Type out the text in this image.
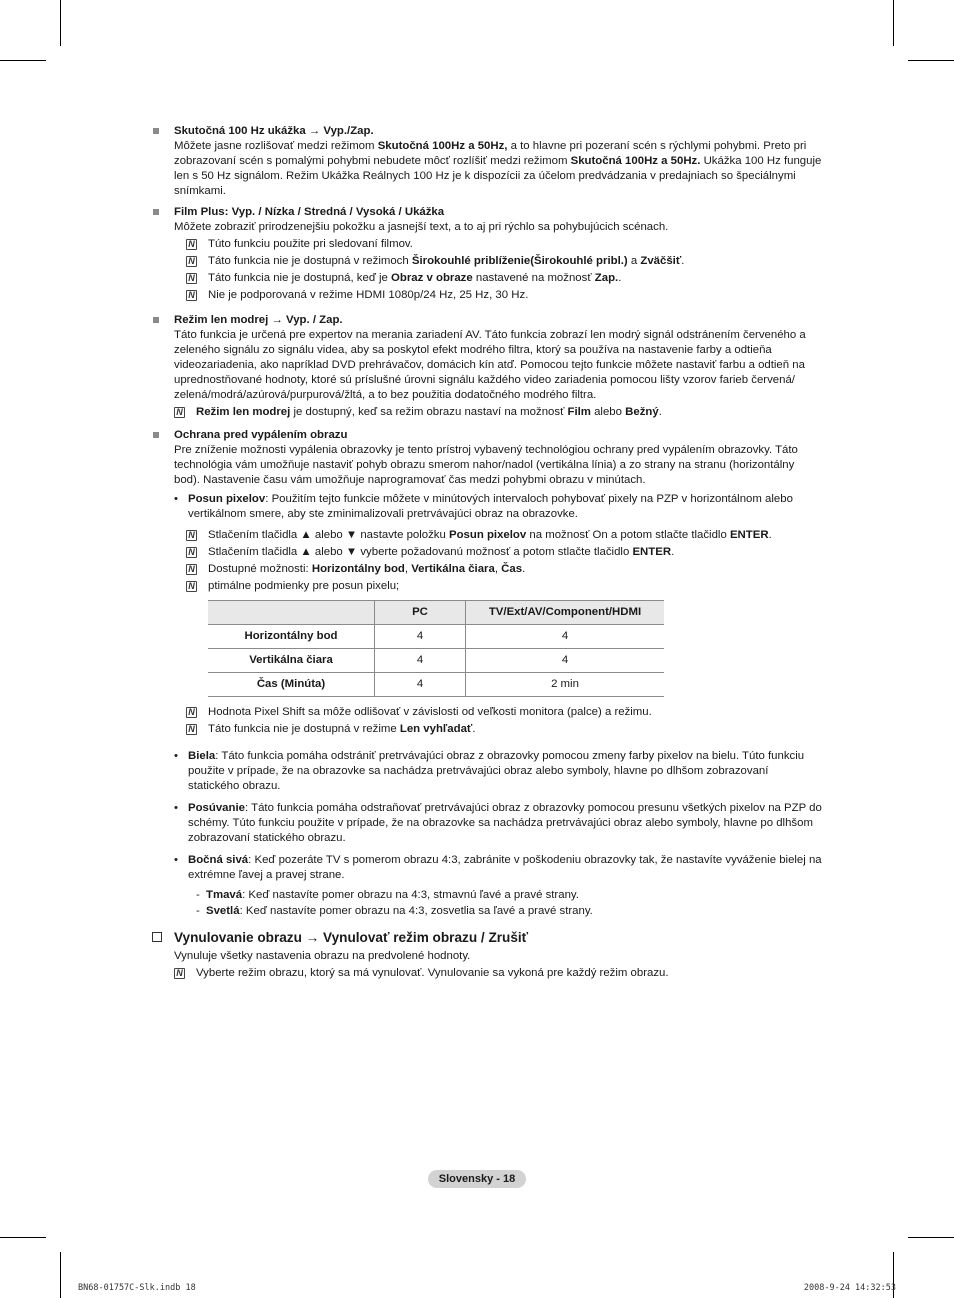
Skutočná 100 Hz ukážka → Vyp./Zap.

Môžete jasne rozlišovať medzi režimom Skutočná 100Hz a 50Hz, a to hlavne pri pozeraní scén s rýchlymi pohybmi. Preto pri zobrazovaní scén s pomalými pohybmi nebudete môcť rozlíšiť medzi režimom Skutočná 100Hz a 50Hz. Ukážka 100 Hz funguje len s 50 Hz signálom. Režim Ukážka Reálnych 100 Hz je k dispozícii za účelom predvádzania v predajniach so špeciálnymi snímkami.

Film Plus: Vyp. / Nízka / Stredná / Vysoká / Ukážka

Môžete zobraziť prirodzenejšiu pokožku a jasnejší text, a to aj pri rýchlo sa pohybujúcich scénach.

N Túto funkciu použite pri sledovaní filmov.
N Táto funkcia nie je dostupná v režimoch Širokouhlé priblíženie(Širokouhlé pribl.) a Zväčšiť.
N Táto funkcia nie je dostupná, keď je Obraz v obraze nastavené na možnosť Zap..
N Nie je podporovaná v režime HDMI 1080p/24 Hz, 25 Hz, 30 Hz.
Režim len modrej → Vyp. / Zap.

Táto funkcia je určená pre expertov na merania zariadení AV. Táto funkcia zobrazí len modrý signál odstránením červeného a zeleného signálu zo signálu videa, aby sa poskytol efekt modrého filtra, ktorý sa používa na nastavenie farby a odtieňa videozariadenia, ako napríklad DVD prehrávačov, domácich kín atď. Pomocou tejto funkcie môžete nastaviť farbu a odtieň na uprednostňované hodnoty, ktoré sú príslušné úrovni signálu každého video zariadenia pomocou lišty vzorov farieb červená/ zelená/modrá/azúrová/purpurová/žltá, a to bez použitia dodatočného modrého filtra.

N Režim len modrej je dostupný, keď sa režim obrazu nastaví na možnosť Film alebo Bežný.
Ochrana pred vypálením obrazu

Pre zníženie možnosti vypálenia obrazovky je tento prístroj vybavený technológiou ochrany pred vypálením obrazovky. Táto technológia vám umožňuje nastaviť pohyb obrazu smerom nahor/nadol (vertikálna línia) a zo strany na stranu (horizontálny bod). Nastavenie času vám umožňuje naprogramovať čas medzi pohybmi obrazu v minútach.

• Posun pixelov: Použitím tejto funkcie môžete v minútových intervaloch pohybovať pixely na PZP v horizontálnom alebo vertikálnom smere, aby ste zminimalizovali pretrvávajúci obraz na obrazovke.
N Stlačením tlačidla ▲ alebo ▼ nastavte položku Posun pixelov na možnosť On a potom stlačte tlačidlo ENTER.
N Stlačením tlačidla ▲ alebo ▼ vyberte požadovanú možnosť a potom stlačte tlačidlo ENTER.
N Dostupné možnosti: Horizontálny bod, Vertikálna čiara, Čas.
N ptimálne podmienky pre posun pixelu;
	PC	TV/Ext/AV/Component/HDMI
Horizontálny bod	4	4
Vertikálna čiara	4	4
Čas (Minúta)	4	2 min
N Hodnota Pixel Shift sa môže odlišovať v závislosti od veľkosti monitora (palce) a režimu.
N Táto funkcia nie je dostupná v režime Len vyhľadať.
• Biela: Táto funkcia pomáha odstrániť pretrvávajúci obraz z obrazovky pomocou zmeny farby pixelov na bielu. Túto funkciu použite v prípade, že na obrazovke sa nachádza pretrvávajúci obraz alebo symboly, hlavne po dlhšom zobrazovaní statického obrazu.
• Posúvanie: Táto funkcia pomáha odstraňovať pretrvávajúci obraz z obrazovky pomocou presunu všetkých pixelov na PZP do schémy. Túto funkciu použite v prípade, že na obrazovke sa nachádza pretrvávajúci obraz alebo symboly, hlavne po dlhšom zobrazovaní statického obrazu.
• Bočná sivá: Keď pozeráte TV s pomerom obrazu 4:3, zabránite v poškodeniu obrazovky tak, že nastavíte vyváženie bielej na extrémne ľavej a pravej strane.
- Tmavá: Keď nastavíte pomer obrazu na 4:3, stmavnú ľavé a pravé strany.
- Svetlá: Keď nastavíte pomer obrazu na 4:3, zosvetlia sa ľavé a pravé strany.
Vynulovanie obrazu → Vynulovať režim obrazu / Zrušiť

Vynuluje všetky nastavenia obrazu na predvolené hodnoty.

N Vyberte režim obrazu, ktorý sa má vynulovať. Vynulovanie sa vykoná pre každý režim obrazu.
Slovensky - 18
BN68-01757C-Slk.indb 18	2008-9-24 14:32:53
